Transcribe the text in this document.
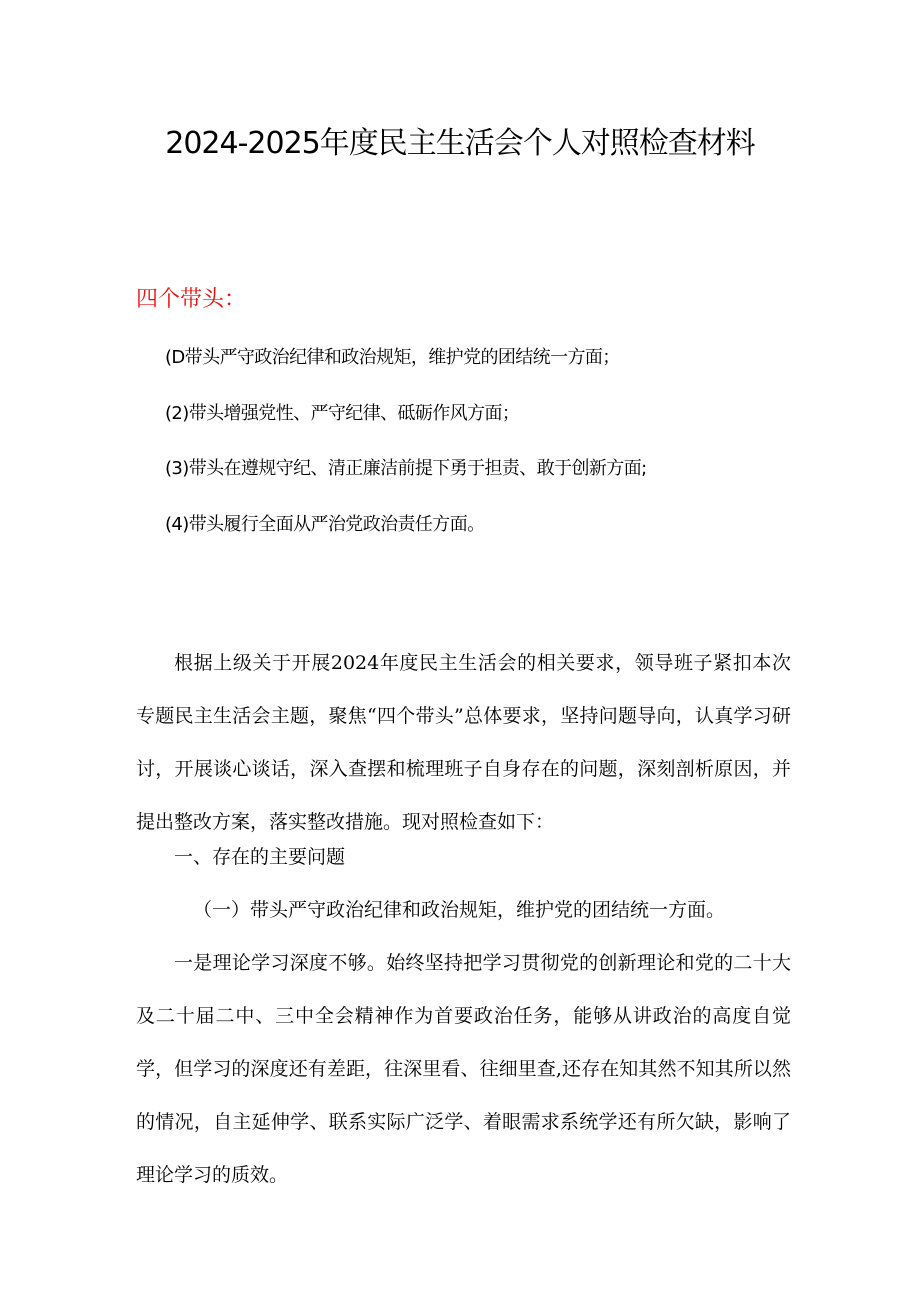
2024-2025年度民主生活会个人对照检查材料
四个带头：
(D带头严守政治纪律和政治规矩，维护党的团结统一方面；
(2)带头增强党性、严守纪律、砥砺作风方面；
(3)带头在遵规守纪、清正廉洁前提下勇于担责、敢于创新方面;
(4)带头履行全面从严治党政治责任方面。

根据上级关于开展2024年度民主生活会的相关要求，领导班子紧扣本次专题民主生活会主题，聚焦“四个带头”总体要求，坚持问题导向，认真学习研讨，开展谈心谈话，深入查摆和梳理班子自身存在的问题，深刻剖析原因，并提出整改方案，落实整改措施。现对照检查如下：

一、存在的主要问题

（一）带头严守政治纪律和政治规矩，维护党的团结统一方面。

一是理论学习深度不够。始终坚持把学习贯彻党的创新理论和党的二十大及二十届二中、三中全会精神作为首要政治任务，能够从讲政治的高度自觉学，但学习的深度还有差距，往深里看、往细里查,还存在知其然不知其所以然的情况，自主延伸学、联系实际广泛学、着眼需求系统学还有所欠缺，影响了理论学习的质效。
